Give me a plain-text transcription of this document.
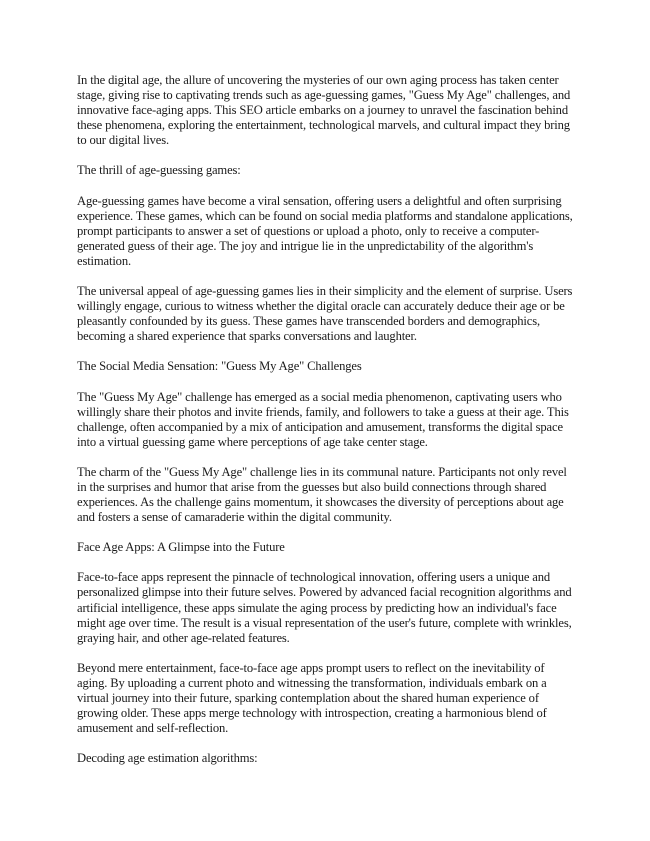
In the digital age, the allure of uncovering the mysteries of our own aging process has taken center stage, giving rise to captivating trends such as age-guessing games, "Guess My Age" challenges, and innovative face-aging apps. This SEO article embarks on a journey to unravel the fascination behind these phenomena, exploring the entertainment, technological marvels, and cultural impact they bring to our digital lives.

The thrill of age-guessing games:

Age-guessing games have become a viral sensation, offering users a delightful and often surprising experience. These games, which can be found on social media platforms and standalone applications, prompt participants to answer a set of questions or upload a photo, only to receive a computer-generated guess of their age. The joy and intrigue lie in the unpredictability of the algorithm's estimation.

The universal appeal of age-guessing games lies in their simplicity and the element of surprise. Users willingly engage, curious to witness whether the digital oracle can accurately deduce their age or be pleasantly confounded by its guess. These games have transcended borders and demographics, becoming a shared experience that sparks conversations and laughter.

The Social Media Sensation: "Guess My Age" Challenges

The "Guess My Age" challenge has emerged as a social media phenomenon, captivating users who willingly share their photos and invite friends, family, and followers to take a guess at their age. This challenge, often accompanied by a mix of anticipation and amusement, transforms the digital space into a virtual guessing game where perceptions of age take center stage.

The charm of the "Guess My Age" challenge lies in its communal nature. Participants not only revel in the surprises and humor that arise from the guesses but also build connections through shared experiences. As the challenge gains momentum, it showcases the diversity of perceptions about age and fosters a sense of camaraderie within the digital community.

Face Age Apps: A Glimpse into the Future

Face-to-face apps represent the pinnacle of technological innovation, offering users a unique and personalized glimpse into their future selves. Powered by advanced facial recognition algorithms and artificial intelligence, these apps simulate the aging process by predicting how an individual's face might age over time. The result is a visual representation of the user's future, complete with wrinkles, graying hair, and other age-related features.

Beyond mere entertainment, face-to-face age apps prompt users to reflect on the inevitability of aging. By uploading a current photo and witnessing the transformation, individuals embark on a virtual journey into their future, sparking contemplation about the shared human experience of growing older. These apps merge technology with introspection, creating a harmonious blend of amusement and self-reflection.

Decoding age estimation algorithms:
